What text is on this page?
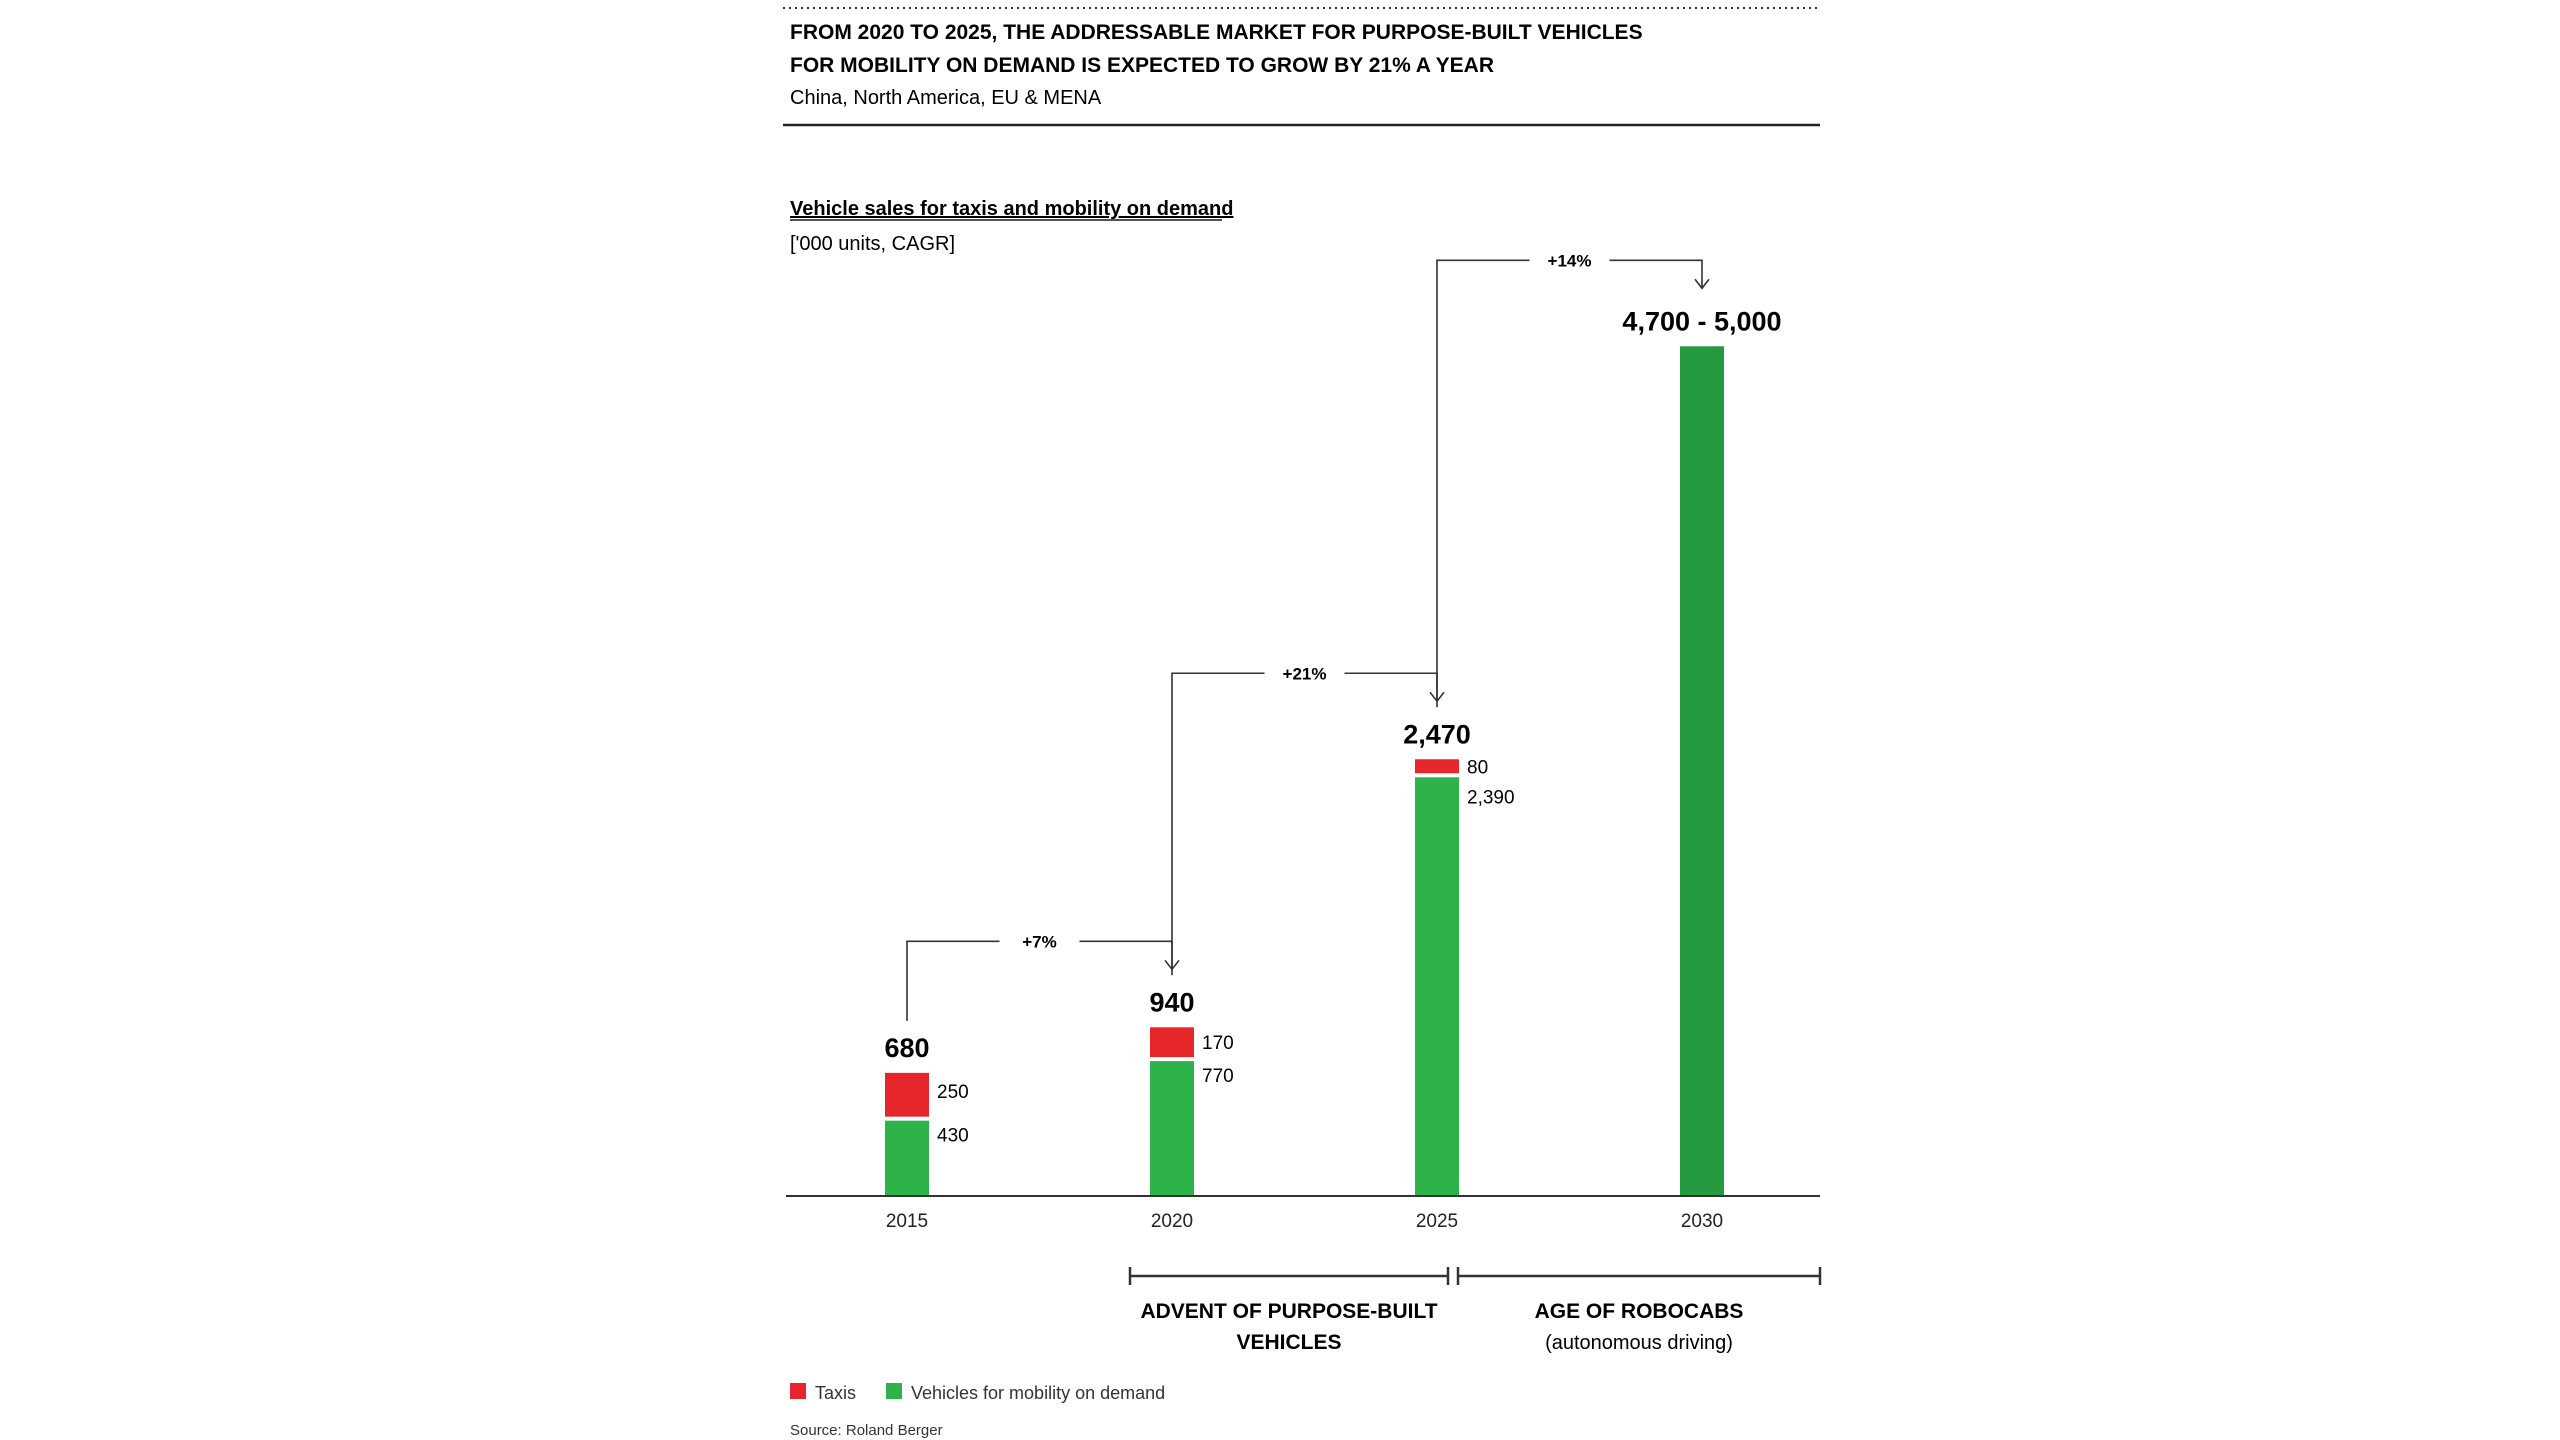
FROM 2020 TO 2025, THE ADDRESSABLE MARKET FOR PURPOSE-BUILT VEHICLES
FOR MOBILITY ON DEMAND IS EXPECTED TO GROW BY 21% A YEAR
China, North America, EU & MENA
Vehicle sales for taxis and mobility on demand
['000 units, CAGR]
250
430
680	170
770
940
80
2,390
2,470
4,700 - 5,000
+7%
+21%
+14%
2015	2020	2025	2030
ADVENT OF PURPOSE-BUILT
VEHICLES
AGE OF ROBOCABS
(autonomous driving)
Taxis	Vehicles for mobility on demand
Source: Roland Berger
